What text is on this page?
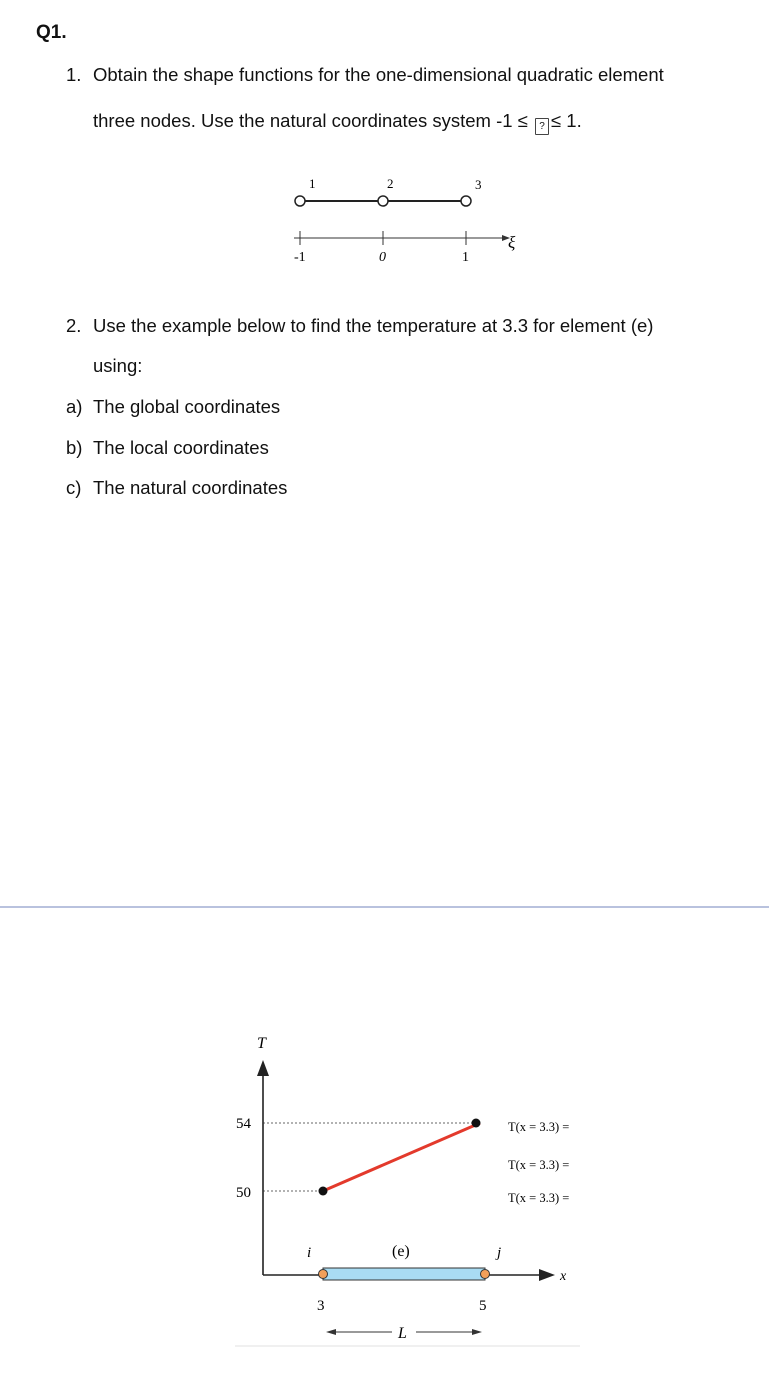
Q1.
1. Obtain the shape functions for the one-dimensional quadratic element
three nodes. Use the natural coordinates system -1 ≤ ? ≤ 1.
1	2	3
-1	0	1
ξ
2. Use the example below to find the temperature at 3.3 for element (e)
using:
a) The global coordinates
b) The local coordinates
c) The natural coordinates
T
x
54
50
i	(e)	j
3	5
L
T(x = 3.3) =
T(x = 3.3) =
T(x = 3.3) =
